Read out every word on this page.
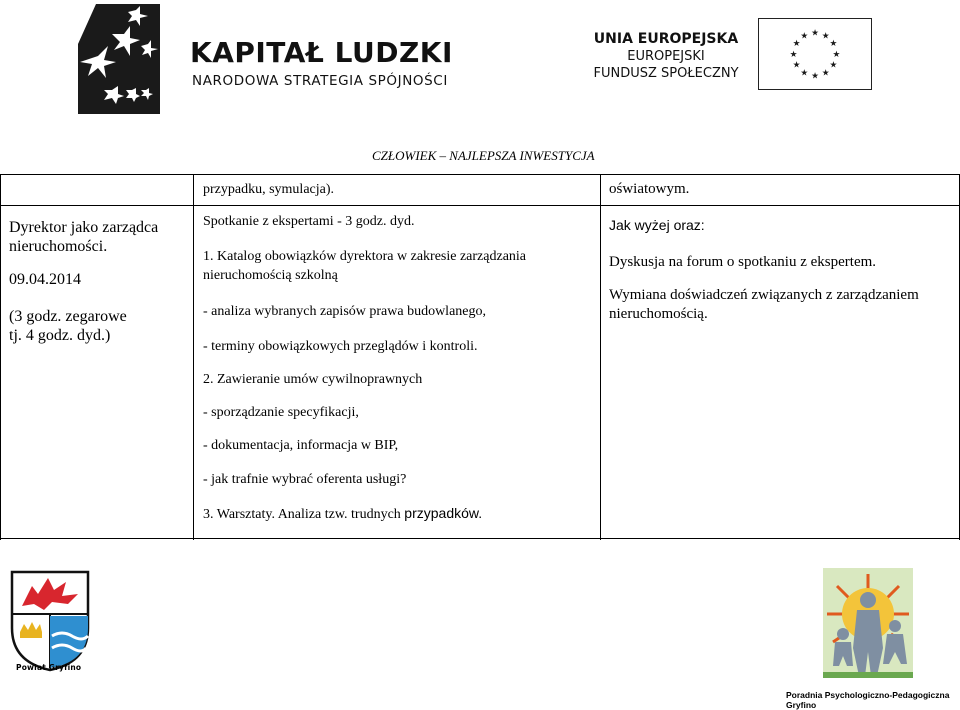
KAPITAŁ LUDZKI
NARODOWA STRATEGIA SPÓJNOŚCI
UNIA EUROPEJSKA
EUROPEJSKI
FUNDUSZ SPOŁECZNY
★ ★
★
★
★
★
★
★
★
★
★
★
CZŁOWIEK – NAJLEPSZA INWESTYCJA
przypadku, symulacja).	oświatowym.
Dyrektor jako zarządca
nieruchomości.
09.04.2014
(3 godz. zegarowe
tj. 4 godz. dyd.)
Spotkanie z ekspertami - 3 godz. dyd.
1. Katalog obowiązków dyrektora w zakresie zarządzania
nieruchomością szkolną
- analiza wybranych zapisów prawa budowlanego,
- terminy obowiązkowych przeglądów i kontroli.
2. Zawieranie umów cywilnoprawnych
- sporządzanie specyfikacji,
- dokumentacja, informacja w BIP,
- jak trafnie wybrać oferenta usługi?
3. Warsztaty. Analiza tzw. trudnych przypadków.
Jak wyżej oraz:
Dyskusja na forum o spotkaniu z ekspertem.
Wymiana doświadczeń związanych z zarządzaniem
nieruchomością.
Powiat Gryfino
Poradnia Psychologiczno-Pedagogiczna Gryfino
